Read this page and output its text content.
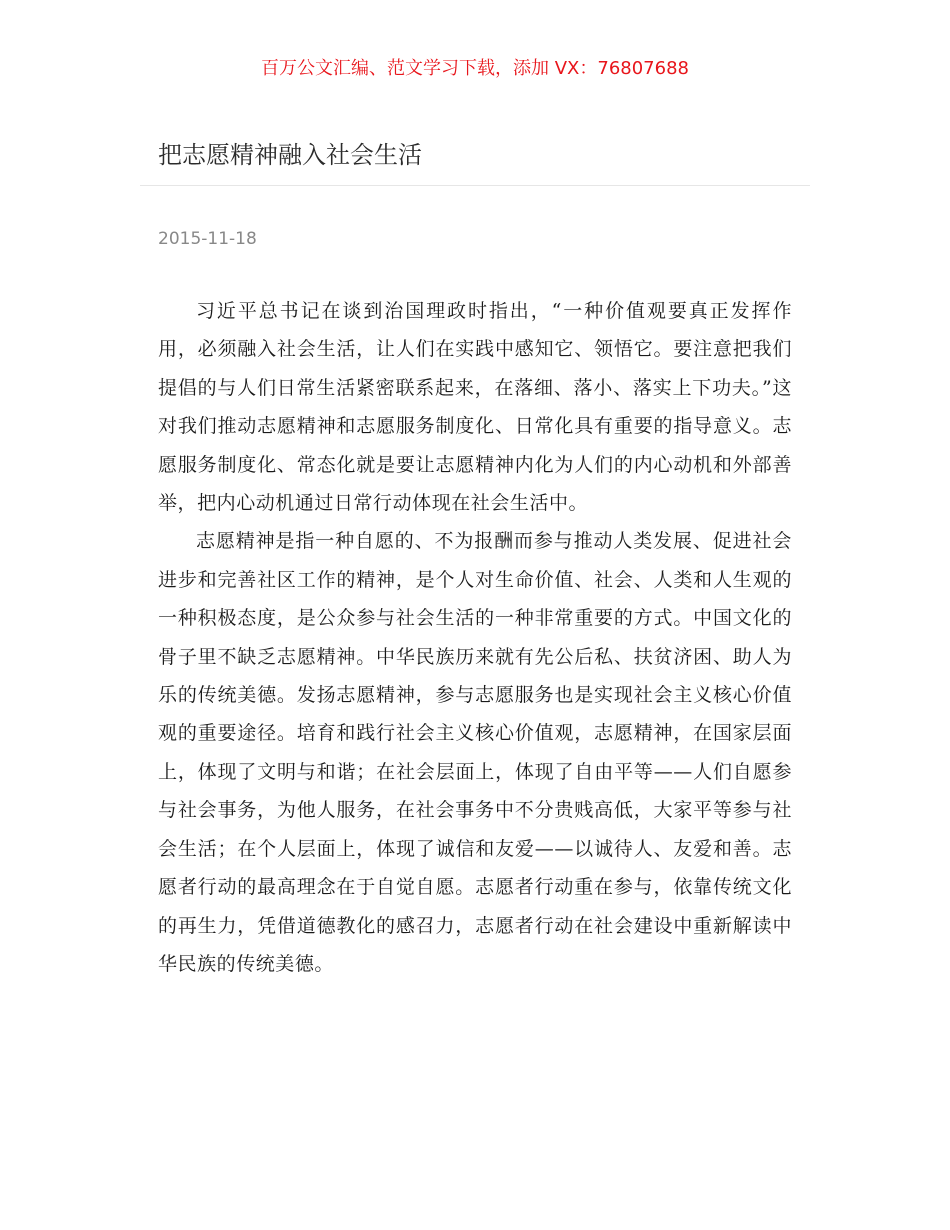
百万公文汇编、范文学习下载，添加 VX：76807688
把志愿精神融入社会生活
2015-11-18

习近平总书记在谈到治国理政时指出，“一种价值观要真正发挥作用，必须融入社会生活，让人们在实践中感知它、领悟它。要注意把我们提倡的与人们日常生活紧密联系起来，在落细、落小、落实上下功夫。”这对我们推动志愿精神和志愿服务制度化、日常化具有重要的指导意义。志愿服务制度化、常态化就是要让志愿精神内化为人们的内心动机和外部善举，把内心动机通过日常行动体现在社会生活中。

志愿精神是指一种自愿的、不为报酬而参与推动人类发展、促进社会进步和完善社区工作的精神，是个人对生命价值、社会、人类和人生观的一种积极态度，是公众参与社会生活的一种非常重要的方式。中国文化的骨子里不缺乏志愿精神。中华民族历来就有先公后私、扶贫济困、助人为乐的传统美德。发扬志愿精神，参与志愿服务也是实现社会主义核心价值观的重要途径。培育和践行社会主义核心价值观，志愿精神，在国家层面上，体现了文明与和谐；在社会层面上，体现了自由平等——人们自愿参与社会事务，为他人服务，在社会事务中不分贵贱高低，大家平等参与社会生活；在个人层面上，体现了诚信和友爱——以诚待人、友爱和善。志愿者行动的最高理念在于自觉自愿。志愿者行动重在参与，依靠传统文化的再生力，凭借道德教化的感召力，志愿者行动在社会建设中重新解读中华民族的传统美德。
